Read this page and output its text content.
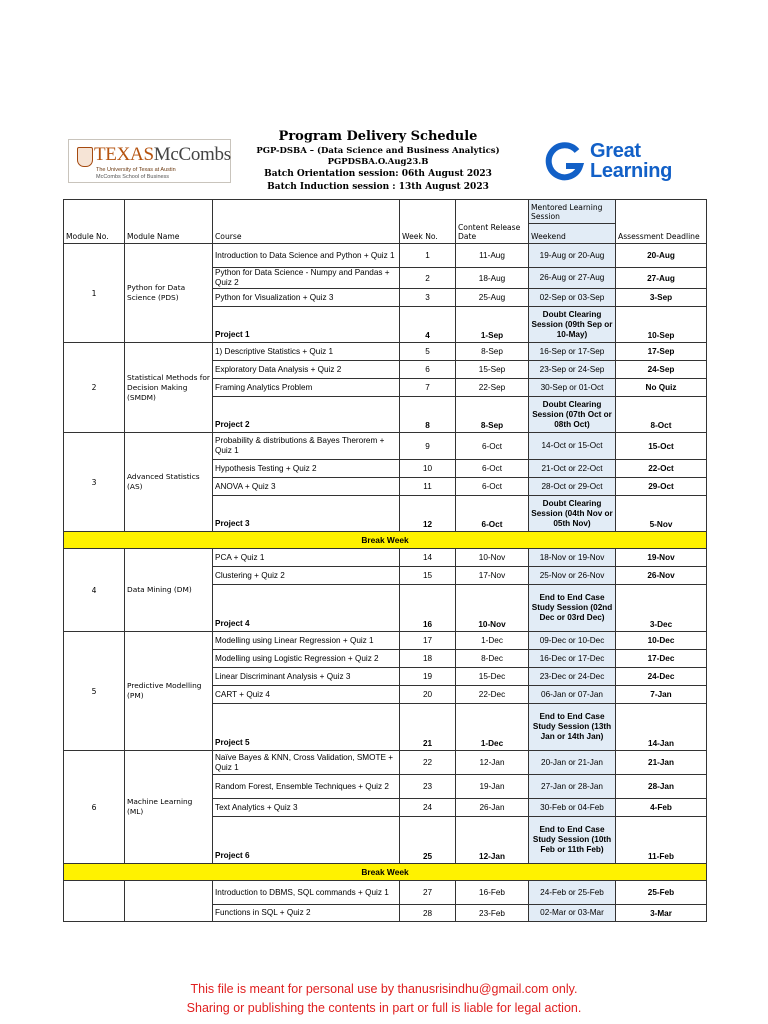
TEXASMcCombs
The University of Texas at Austin
McCombs School of Business
Program Delivery Schedule
PGP-DSBA – (Data Science and Business Analytics)
PGPDSBA.O.Aug23.B
Batch Orientation session: 06th August 2023
Batch Induction session : 13th August 2023
Great
Learning
Module No.	Module Name	Course	Week No.	Content Release Date	Mentored Learning Session	Assessment Deadline
					Weekend	
1	Python for Data Science (PDS)	Introduction to Data Science and Python + Quiz 1	1	11-Aug	19-Aug or 20-Aug	20-Aug
		Python for Data Science - Numpy and Pandas + Quiz 2	2	18-Aug	26-Aug or 27-Aug	27-Aug
		Python for Visualization + Quiz 3	3	25-Aug	02-Sep or 03-Sep	3-Sep
		Project 1	4	1-Sep	Doubt Clearing Session (09th Sep or 10-May)	10-Sep
2	Statistical Methods for Decision Making (SMDM)	1) Descriptive Statistics + Quiz 1	5	8-Sep	16-Sep or 17-Sep	17-Sep
		Exploratory Data Analysis + Quiz 2	6	15-Sep	23-Sep or 24-Sep	24-Sep
		Framing Analytics Problem	7	22-Sep	30-Sep or 01-Oct	No Quiz
		Project 2	8	8-Sep	Doubt Clearing Session (07th Oct or 08th Oct)	8-Oct
3	Advanced Statistics (AS)	Probability & distributions & Bayes Therorem + Quiz 1	9	6-Oct	14-Oct or 15-Oct	15-Oct
		Hypothesis Testing + Quiz 2	10	6-Oct	21-Oct or 22-Oct	22-Oct
		ANOVA + Quiz 3	11	6-Oct	28-Oct or 29-Oct	29-Oct
		Project 3	12	6-Oct	Doubt Clearing Session (04th Nov or 05th Nov)	5-Nov
Break Week						
4	Data Mining (DM)	PCA + Quiz 1	14	10-Nov	18-Nov or 19-Nov	19-Nov
		Clustering + Quiz 2	15	17-Nov	25-Nov or 26-Nov	26-Nov
		Project 4	16	10-Nov	End to End Case Study Session (02nd Dec or 03rd Dec)	3-Dec
5	Predictive Modelling (PM)	Modelling using Linear Regression + Quiz 1	17	1-Dec	09-Dec or 10-Dec	10-Dec
		Modelling using Logistic Regression + Quiz 2	18	8-Dec	16-Dec or 17-Dec	17-Dec
		Linear Discriminant Analysis + Quiz 3	19	15-Dec	23-Dec or 24-Dec	24-Dec
		CART + Quiz 4	20	22-Dec	06-Jan or 07-Jan	7-Jan
		Project 5	21	1-Dec	End to End Case Study Session (13th Jan or 14th Jan)	14-Jan
6	Machine Learning (ML)	Naïve Bayes & KNN, Cross Validation, SMOTE + Quiz 1	22	12-Jan	20-Jan or 21-Jan	21-Jan
		Random Forest, Ensemble Techniques + Quiz 2	23	19-Jan	27-Jan or 28-Jan	28-Jan
		Text Analytics + Quiz 3	24	26-Jan	30-Feb or 04-Feb	4-Feb
		Project 6	25	12-Jan	End to End Case Study Session (10th Feb or 11th Feb)	11-Feb
Break Week						
		Introduction to DBMS, SQL commands + Quiz 1	27	16-Feb	24-Feb or 25-Feb	25-Feb
		Functions in SQL + Quiz 2	28	23-Feb	02-Mar or 03-Mar	3-Mar
This file is meant for personal use by thanusrisindhu@gmail.com only.
Sharing or publishing the contents in part or full is liable for legal action.
